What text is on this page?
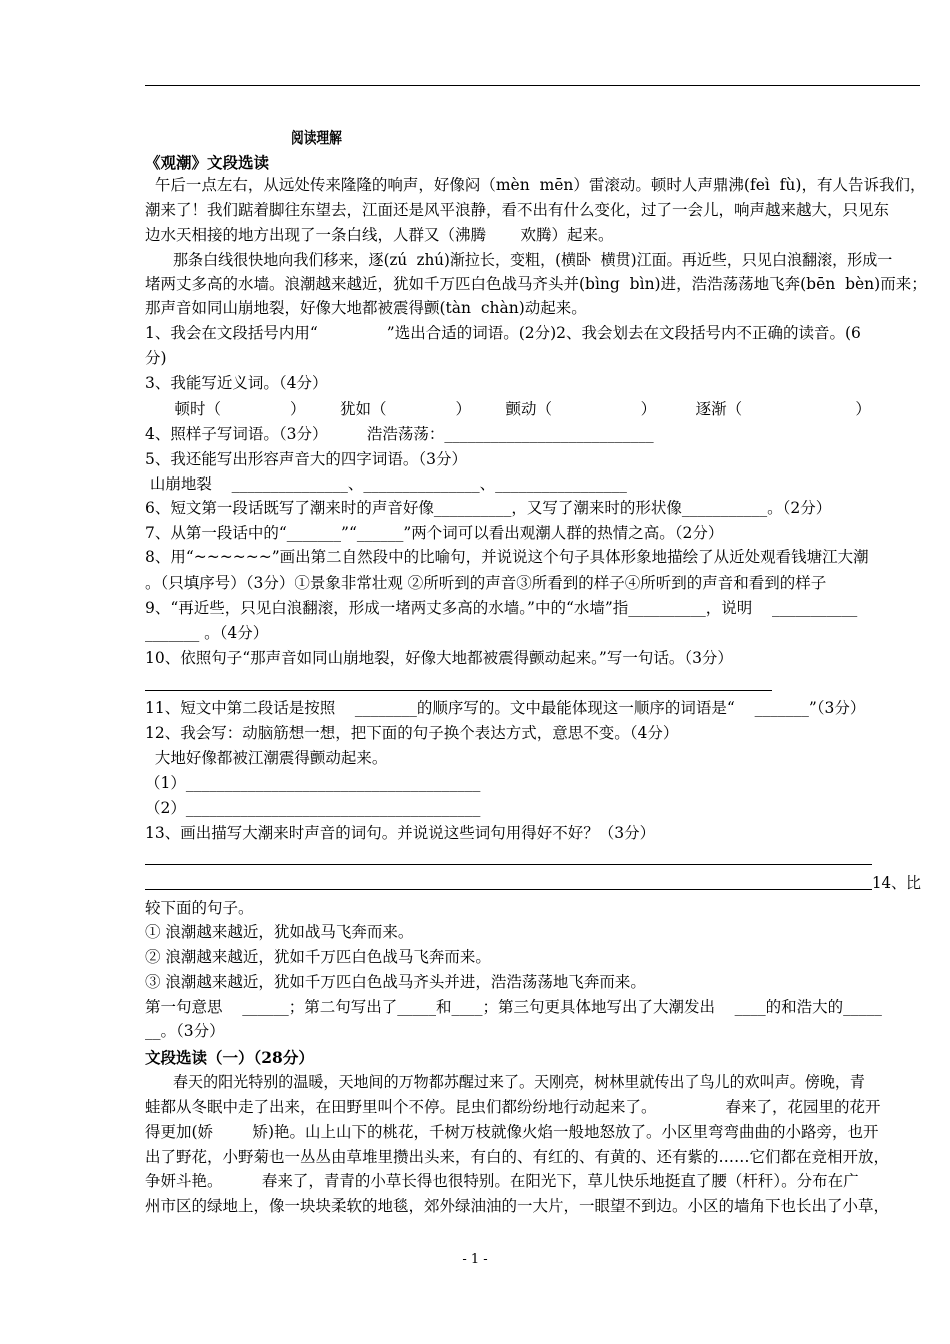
阅读理解
《观潮》文段选读
午后一点左右，从远处传来隆隆的响声，好像闷（mèn  mēn）雷滚动。顿时人声鼎沸(feì  fù)，有人告诉我们，
潮来了！我们踮着脚往东望去，江面还是风平浪静，看不出有什么变化，过了一会儿，响声越来越大，只见东
边水天相接的地方出现了一条白线，人群又（沸腾       欢腾）起来。
那条白线很快地向我们移来，逐(zú  zhú)渐拉长，变粗，(横卧  横贯)江面。再近些，只见白浪翻滚，形成一
堵两丈多高的水墙。浪潮越来越近，犹如千万匹白色战马齐头并(bìng  bìn)进，浩浩荡荡地飞奔(bēn  bèn)而来；
那声音如同山崩地裂，好像大地都被震得颤(tàn  chàn)动起来。
1、我会在文段括号内用“              ”选出合适的词语。(2分)2、我会划去在文段括号内不正确的读音。(6
分)
3、我能写近义词。（4分）
顿时（              ）       犹如（              ）       颤动（                  ）        逐渐（                       ）
4、照样子写词语。（3分）        浩浩荡荡：___________________________
5、我还能写出形容声音大的四字词语。（3分）
山崩地裂    _______________、_______________、_________________
6、短文第一段话既写了潮来时的声音好像__________，又写了潮来时的形状像___________。（2分）
7、从第一段话中的“_______”“______”两个词可以看出观潮人群的热情之高。（2分）
8、用“~~~~~~”画出第二自然段中的比喻句，并说说这个句子具体形象地描绘了从近处观看钱塘江大潮
。（只填序号）（3分）①景象非常壮观 ②所听到的声音③所看到的样子④所听到的声音和看到的样子
9、“再近些，只见白浪翻滚，形成一堵两丈多高的水墙。”中的“水墙”指__________，说明    ___________
_______ 。（4分）
10、依照句子“那声音如同山崩地裂，好像大地都被震得颤动起来。”写一句话。（3分）
11、短文中第二段话是按照    ________的顺序写的。文中最能体现这一顺序的词语是“    _______”（3分）
12、我会写：动脑筋想一想，把下面的句子换个表达方式，意思不变。（4分）
大地好像都被江潮震得颤动起来。
（1）______________________________________
（2）______________________________________
13、画出描写大潮来时声音的词句。并说说这些词句用得好不好？（3分）
14、比
较下面的句子。
① 浪潮越来越近，犹如战马飞奔而来。
② 浪潮越来越近，犹如千万匹白色战马飞奔而来。
③ 浪潮越来越近，犹如千万匹白色战马齐头并进，浩浩荡荡地飞奔而来。
第一句意思    ______；第二句写出了_____和____；第三句更具体地写出了大潮发出    ____的和浩大的_____
__。（3分）
文段选读（一）（28分）
春天的阳光特别的温暖，天地间的万物都苏醒过来了。天刚亮，树林里就传出了鸟儿的欢叫声。傍晚，青
蛙都从冬眠中走了出来，在田野里叫个不停。昆虫们都纷纷地行动起来了。              春来了，花园里的花开
得更加(娇        矫)艳。山上山下的桃花，千树万枝就像火焰一般地怒放了。小区里弯弯曲曲的小路旁，也开
出了野花，小野菊也一丛丛由草堆里攒出头来，有白的、有红的、有黄的、还有紫的……它们都在竞相开放，
争妍斗艳。        春来了，青青的小草长得也很特别。在阳光下，草儿快乐地挺直了腰（杆秆）。分布在广
州市区的绿地上，像一块块柔软的地毯，郊外绿油油的一大片，一眼望不到边。小区的墙角下也长出了小草，
- 1 -
